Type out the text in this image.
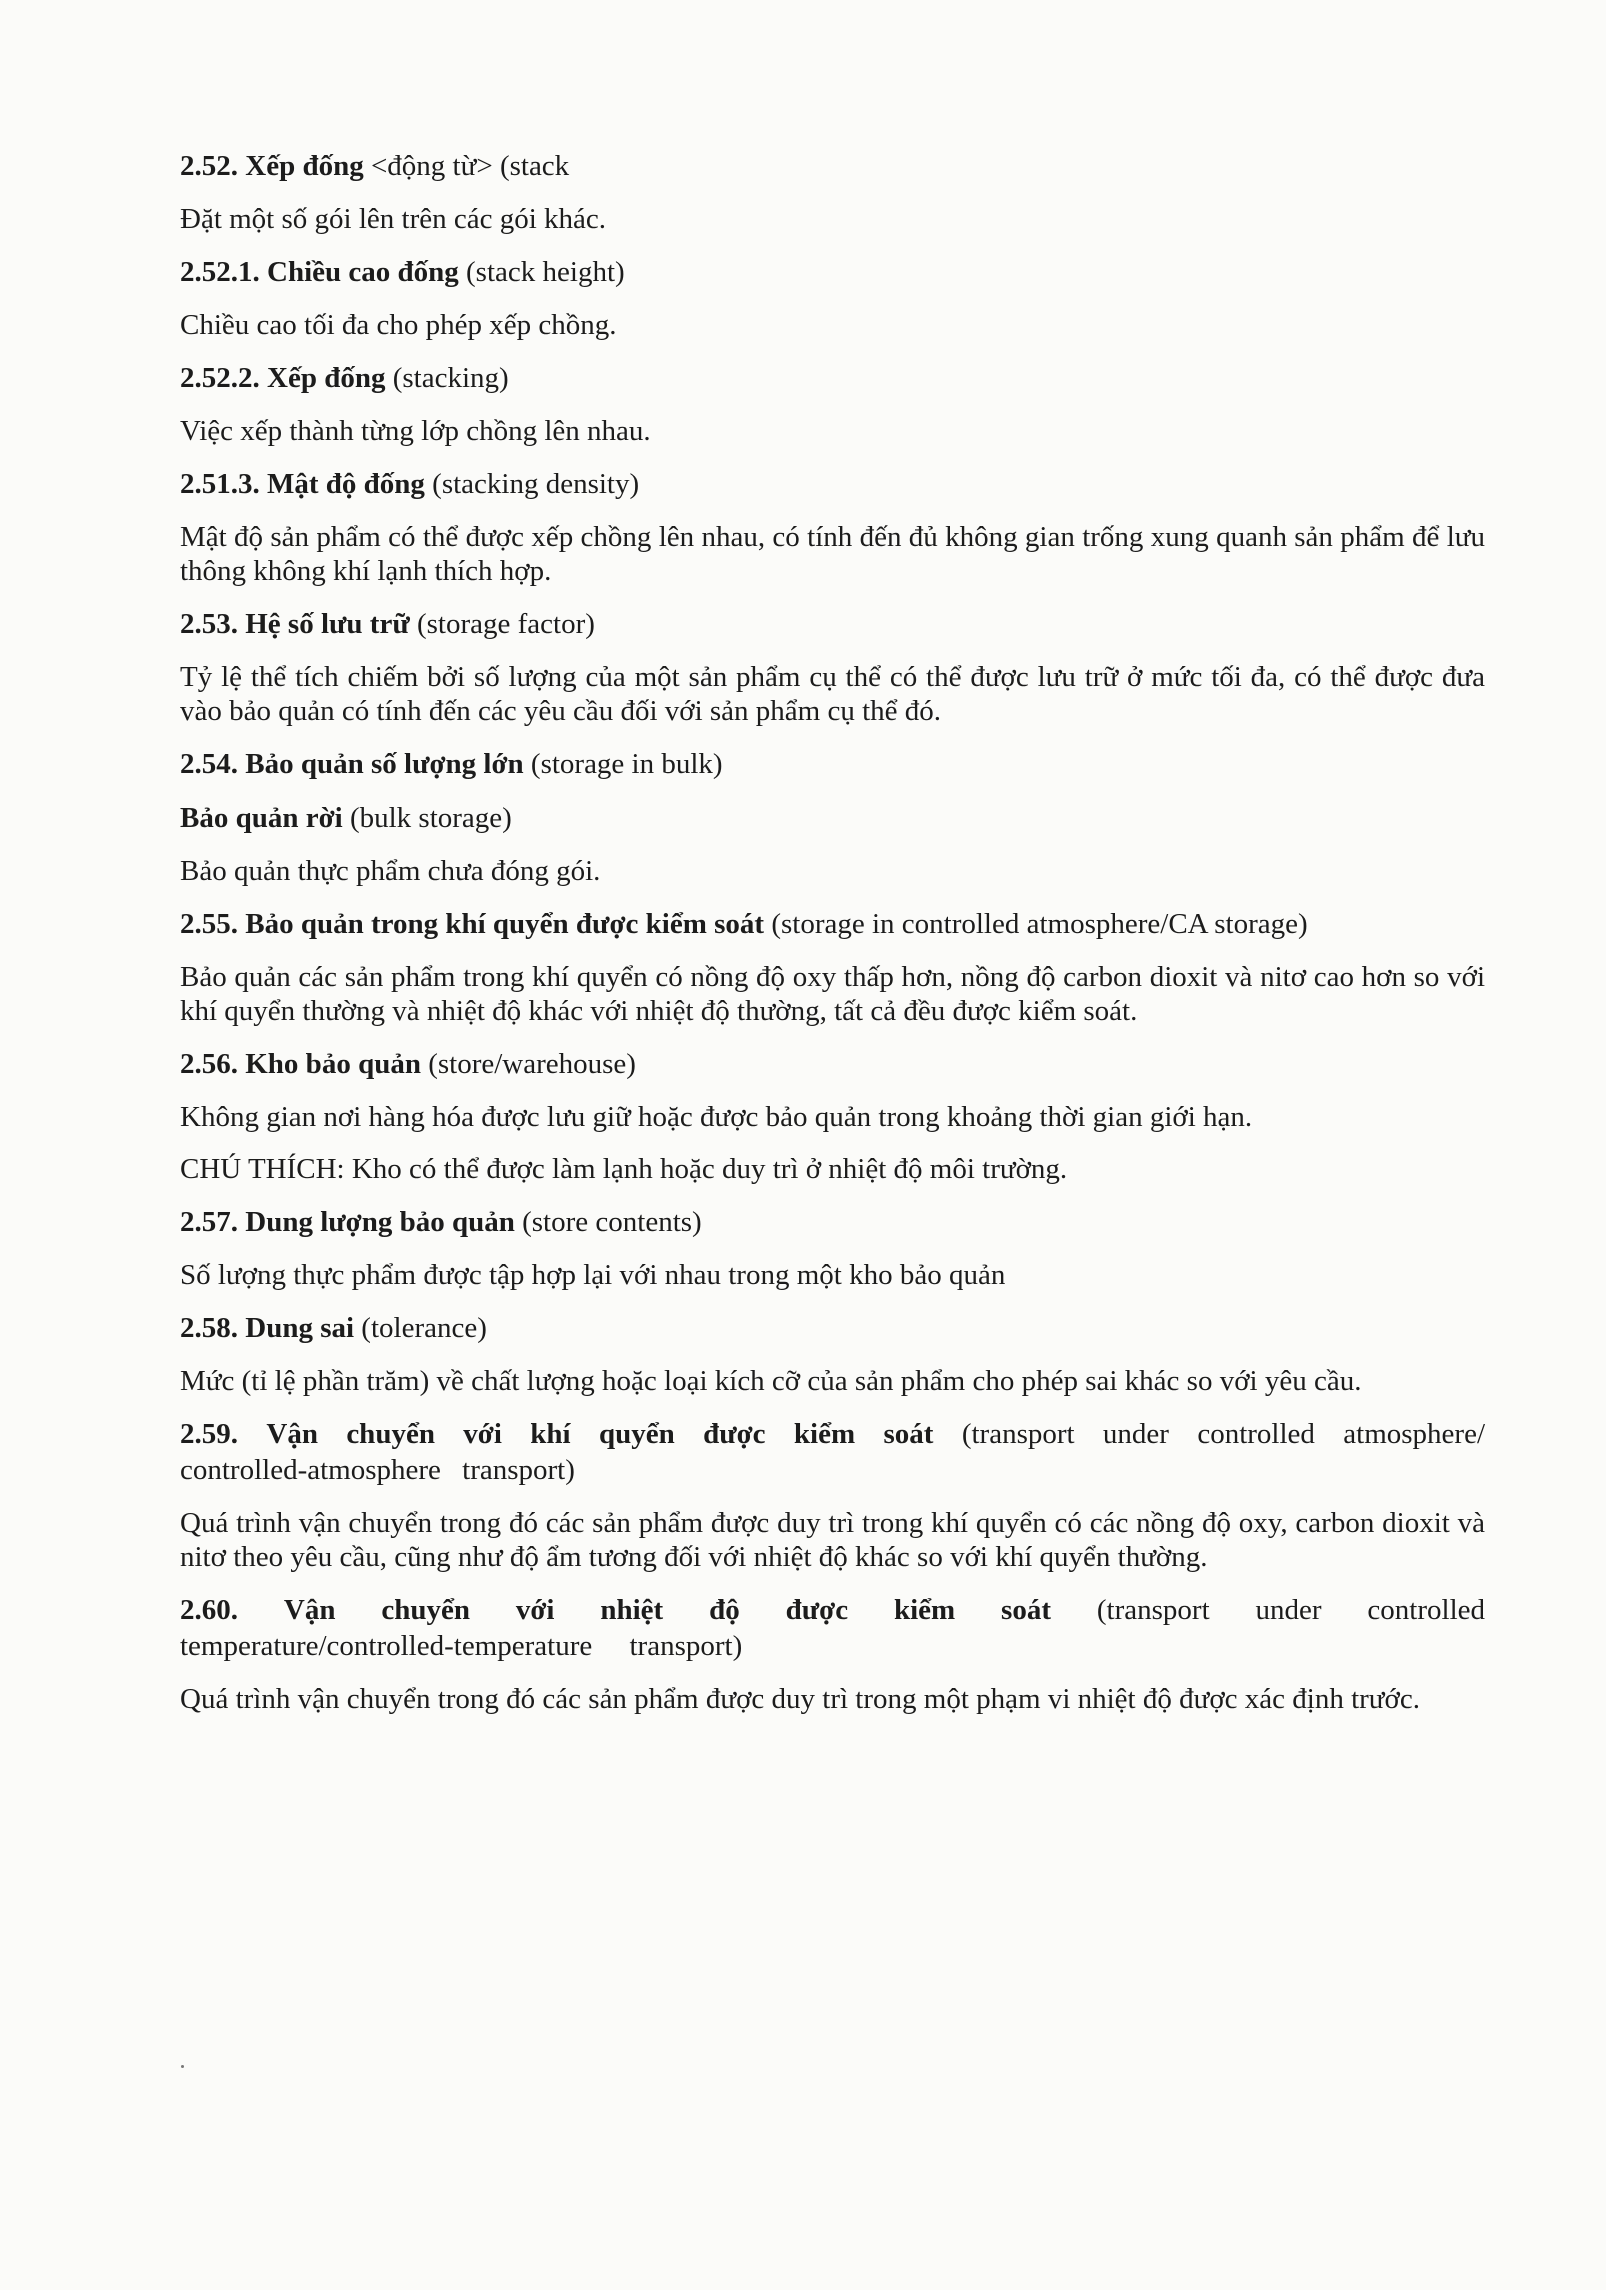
2.52. Xếp đống <động từ> (stack

Đặt một số gói lên trên các gói khác.

2.52.1. Chiều cao đống (stack height)

Chiều cao tối đa cho phép xếp chồng.

2.52.2. Xếp đống (stacking)

Việc xếp thành từng lớp chồng lên nhau.

2.51.3. Mật độ đống (stacking density)

Mật độ sản phẩm có thể được xếp chồng lên nhau, có tính đến đủ không gian trống xung quanh sản phẩm để lưu thông không khí lạnh thích hợp.

2.53. Hệ số lưu trữ (storage factor)

Tỷ lệ thể tích chiếm bởi số lượng của một sản phẩm cụ thể có thể được lưu trữ ở mức tối đa, có thể được đưa vào bảo quản có tính đến các yêu cầu đối với sản phẩm cụ thể đó.

2.54. Bảo quản số lượng lớn (storage in bulk)

Bảo quản rời (bulk storage)

Bảo quản thực phẩm chưa đóng gói.

2.55. Bảo quản trong khí quyển được kiểm soát (storage in controlled atmosphere/CA storage)

Bảo quản các sản phẩm trong khí quyển có nồng độ oxy thấp hơn, nồng độ carbon dioxit và nitơ cao hơn so với khí quyển thường và nhiệt độ khác với nhiệt độ thường, tất cả đều được kiểm soát.

2.56. Kho bảo quản (store/warehouse)

Không gian nơi hàng hóa được lưu giữ hoặc được bảo quản trong khoảng thời gian giới hạn.

CHÚ THÍCH: Kho có thể được làm lạnh hoặc duy trì ở nhiệt độ môi trường.

2.57. Dung lượng bảo quản (store contents)

Số lượng thực phẩm được tập hợp lại với nhau trong một kho bảo quản

2.58. Dung sai (tolerance)

Mức (tỉ lệ phần trăm) về chất lượng hoặc loại kích cỡ của sản phẩm cho phép sai khác so với yêu cầu.

2.59. Vận chuyển với khí quyển được kiểm soát (transport under controlled atmosphere/ controlled-atmosphere transport)

Quá trình vận chuyển trong đó các sản phẩm được duy trì trong khí quyển có các nồng độ oxy, carbon dioxit và nitơ theo yêu cầu, cũng như độ ẩm tương đối với nhiệt độ khác so với khí quyển thường.

2.60. Vận chuyển với nhiệt độ được kiểm soát (transport under controlled temperature/controlled-temperature transport)

Quá trình vận chuyển trong đó các sản phẩm được duy trì trong một phạm vi nhiệt độ được xác định trước.
